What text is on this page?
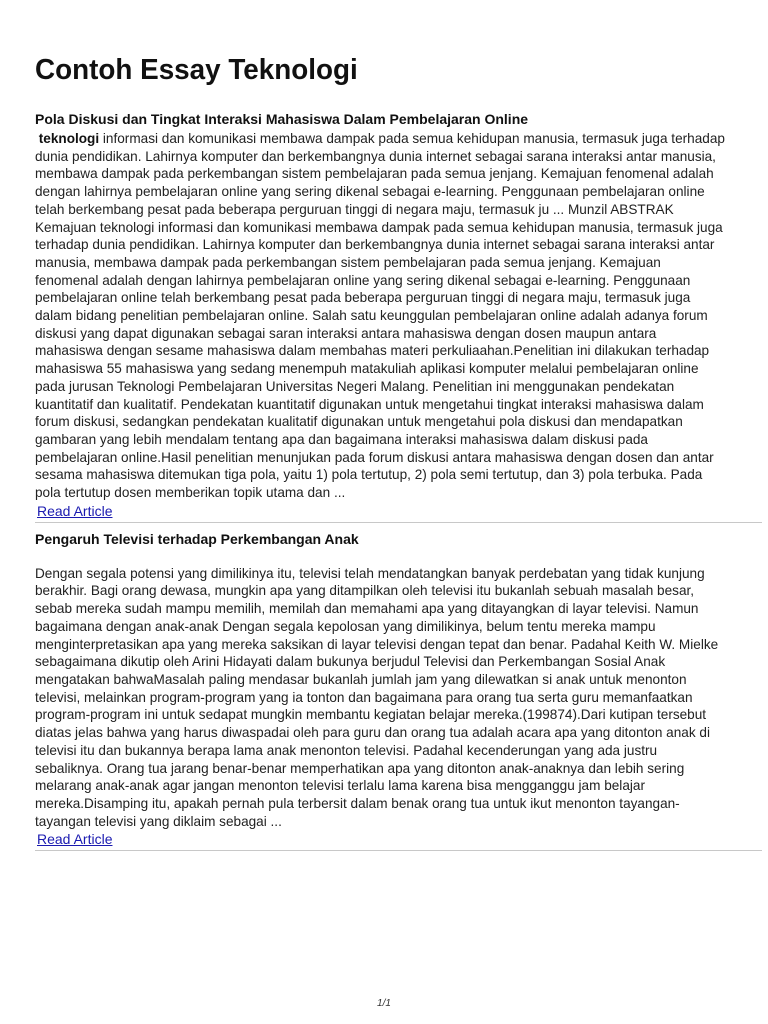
Contoh Essay Teknologi
Pola Diskusi dan Tingkat Interaksi Mahasiswa Dalam Pembelajaran Online

teknologi informasi dan komunikasi membawa dampak pada semua kehidupan manusia, termasuk juga terhadap dunia pendidikan. Lahirnya komputer dan berkembangnya dunia internet sebagai sarana interaksi antar manusia, membawa dampak pada perkembangan sistem pembelajaran pada semua jenjang. Kemajuan fenomenal adalah dengan lahirnya pembelajaran online yang sering dikenal sebagai e-learning. Penggunaan pembelajaran online telah berkembang pesat pada beberapa perguruan tinggi di negara maju, termasuk ju ... Munzil ABSTRAK Kemajuan teknologi informasi dan komunikasi membawa dampak pada semua kehidupan manusia, termasuk juga terhadap dunia pendidikan. Lahirnya komputer dan berkembangnya dunia internet sebagai sarana interaksi antar manusia, membawa dampak pada perkembangan sistem pembelajaran pada semua jenjang. Kemajuan fenomenal adalah dengan lahirnya pembelajaran online yang sering dikenal sebagai e-learning. Penggunaan pembelajaran online telah berkembang pesat pada beberapa perguruan tinggi di negara maju, termasuk juga dalam bidang penelitian pembelajaran online. Salah satu keunggulan pembelajaran online adalah adanya forum diskusi yang dapat digunakan sebagai saran interaksi antara mahasiswa dengan dosen maupun antara mahasiswa dengan sesame mahasiswa dalam membahas materi perkuliaahan.Penelitian ini dilakukan terhadap mahasiswa 55 mahasiswa yang sedang menempuh matakuliah aplikasi komputer melalui pembelajaran online pada jurusan Teknologi Pembelajaran Universitas Negeri Malang. Penelitian ini menggunakan pendekatan kuantitatif dan kualitatif. Pendekatan kuantitatif digunakan untuk mengetahui tingkat interaksi mahasiswa dalam forum diskusi, sedangkan pendekatan kualitatif digunakan untuk mengetahui pola diskusi dan mendapatkan gambaran yang lebih mendalam tentang apa dan bagaimana interaksi mahasiswa dalam diskusi pada pembelajaran online.Hasil penelitian menunjukan pada forum diskusi antara mahasiswa dengan dosen dan antar sesama mahasiswa ditemukan tiga pola, yaitu 1) pola tertutup, 2) pola semi tertutup, dan 3) pola terbuka. Pada pola tertutup dosen memberikan topik utama dan ...

Read Article
Pengaruh Televisi terhadap Perkembangan Anak

Dengan segala potensi yang dimilikinya itu, televisi telah mendatangkan banyak perdebatan yang tidak kunjung berakhir. Bagi orang dewasa, mungkin apa yang ditampilkan oleh televisi itu bukanlah sebuah masalah besar, sebab mereka sudah mampu memilih, memilah dan memahami apa yang ditayangkan di layar televisi. Namun bagaimana dengan anak-anak Dengan segala kepolosan yang dimilikinya, belum tentu mereka mampu menginterpretasikan apa yang mereka saksikan di layar televisi dengan tepat dan benar. Padahal Keith W. Mielke sebagaimana dikutip oleh Arini Hidayati dalam bukunya berjudul Televisi dan Perkembangan Sosial Anak mengatakan bahwaMasalah paling mendasar bukanlah jumlah jam yang dilewatkan si anak untuk menonton televisi, melainkan program-program yang ia tonton dan bagaimana para orang tua serta guru memanfaatkan program-program ini untuk sedapat mungkin membantu kegiatan belajar mereka.(199874).Dari kutipan tersebut diatas jelas bahwa yang harus diwaspadai oleh para guru dan orang tua adalah acara apa yang ditonton anak di televisi itu dan bukannya berapa lama anak menonton televisi. Padahal kecenderungan yang ada justru sebaliknya. Orang tua jarang benar-benar memperhatikan apa yang ditonton anak-anaknya dan lebih sering melarang anak-anak agar jangan menonton televisi terlalu lama karena bisa mengganggu jam belajar mereka.Disamping itu, apakah pernah pula terbersit dalam benak orang tua untuk ikut menonton tayangan-tayangan televisi yang diklaim sebagai ...

Read Article
1/1
